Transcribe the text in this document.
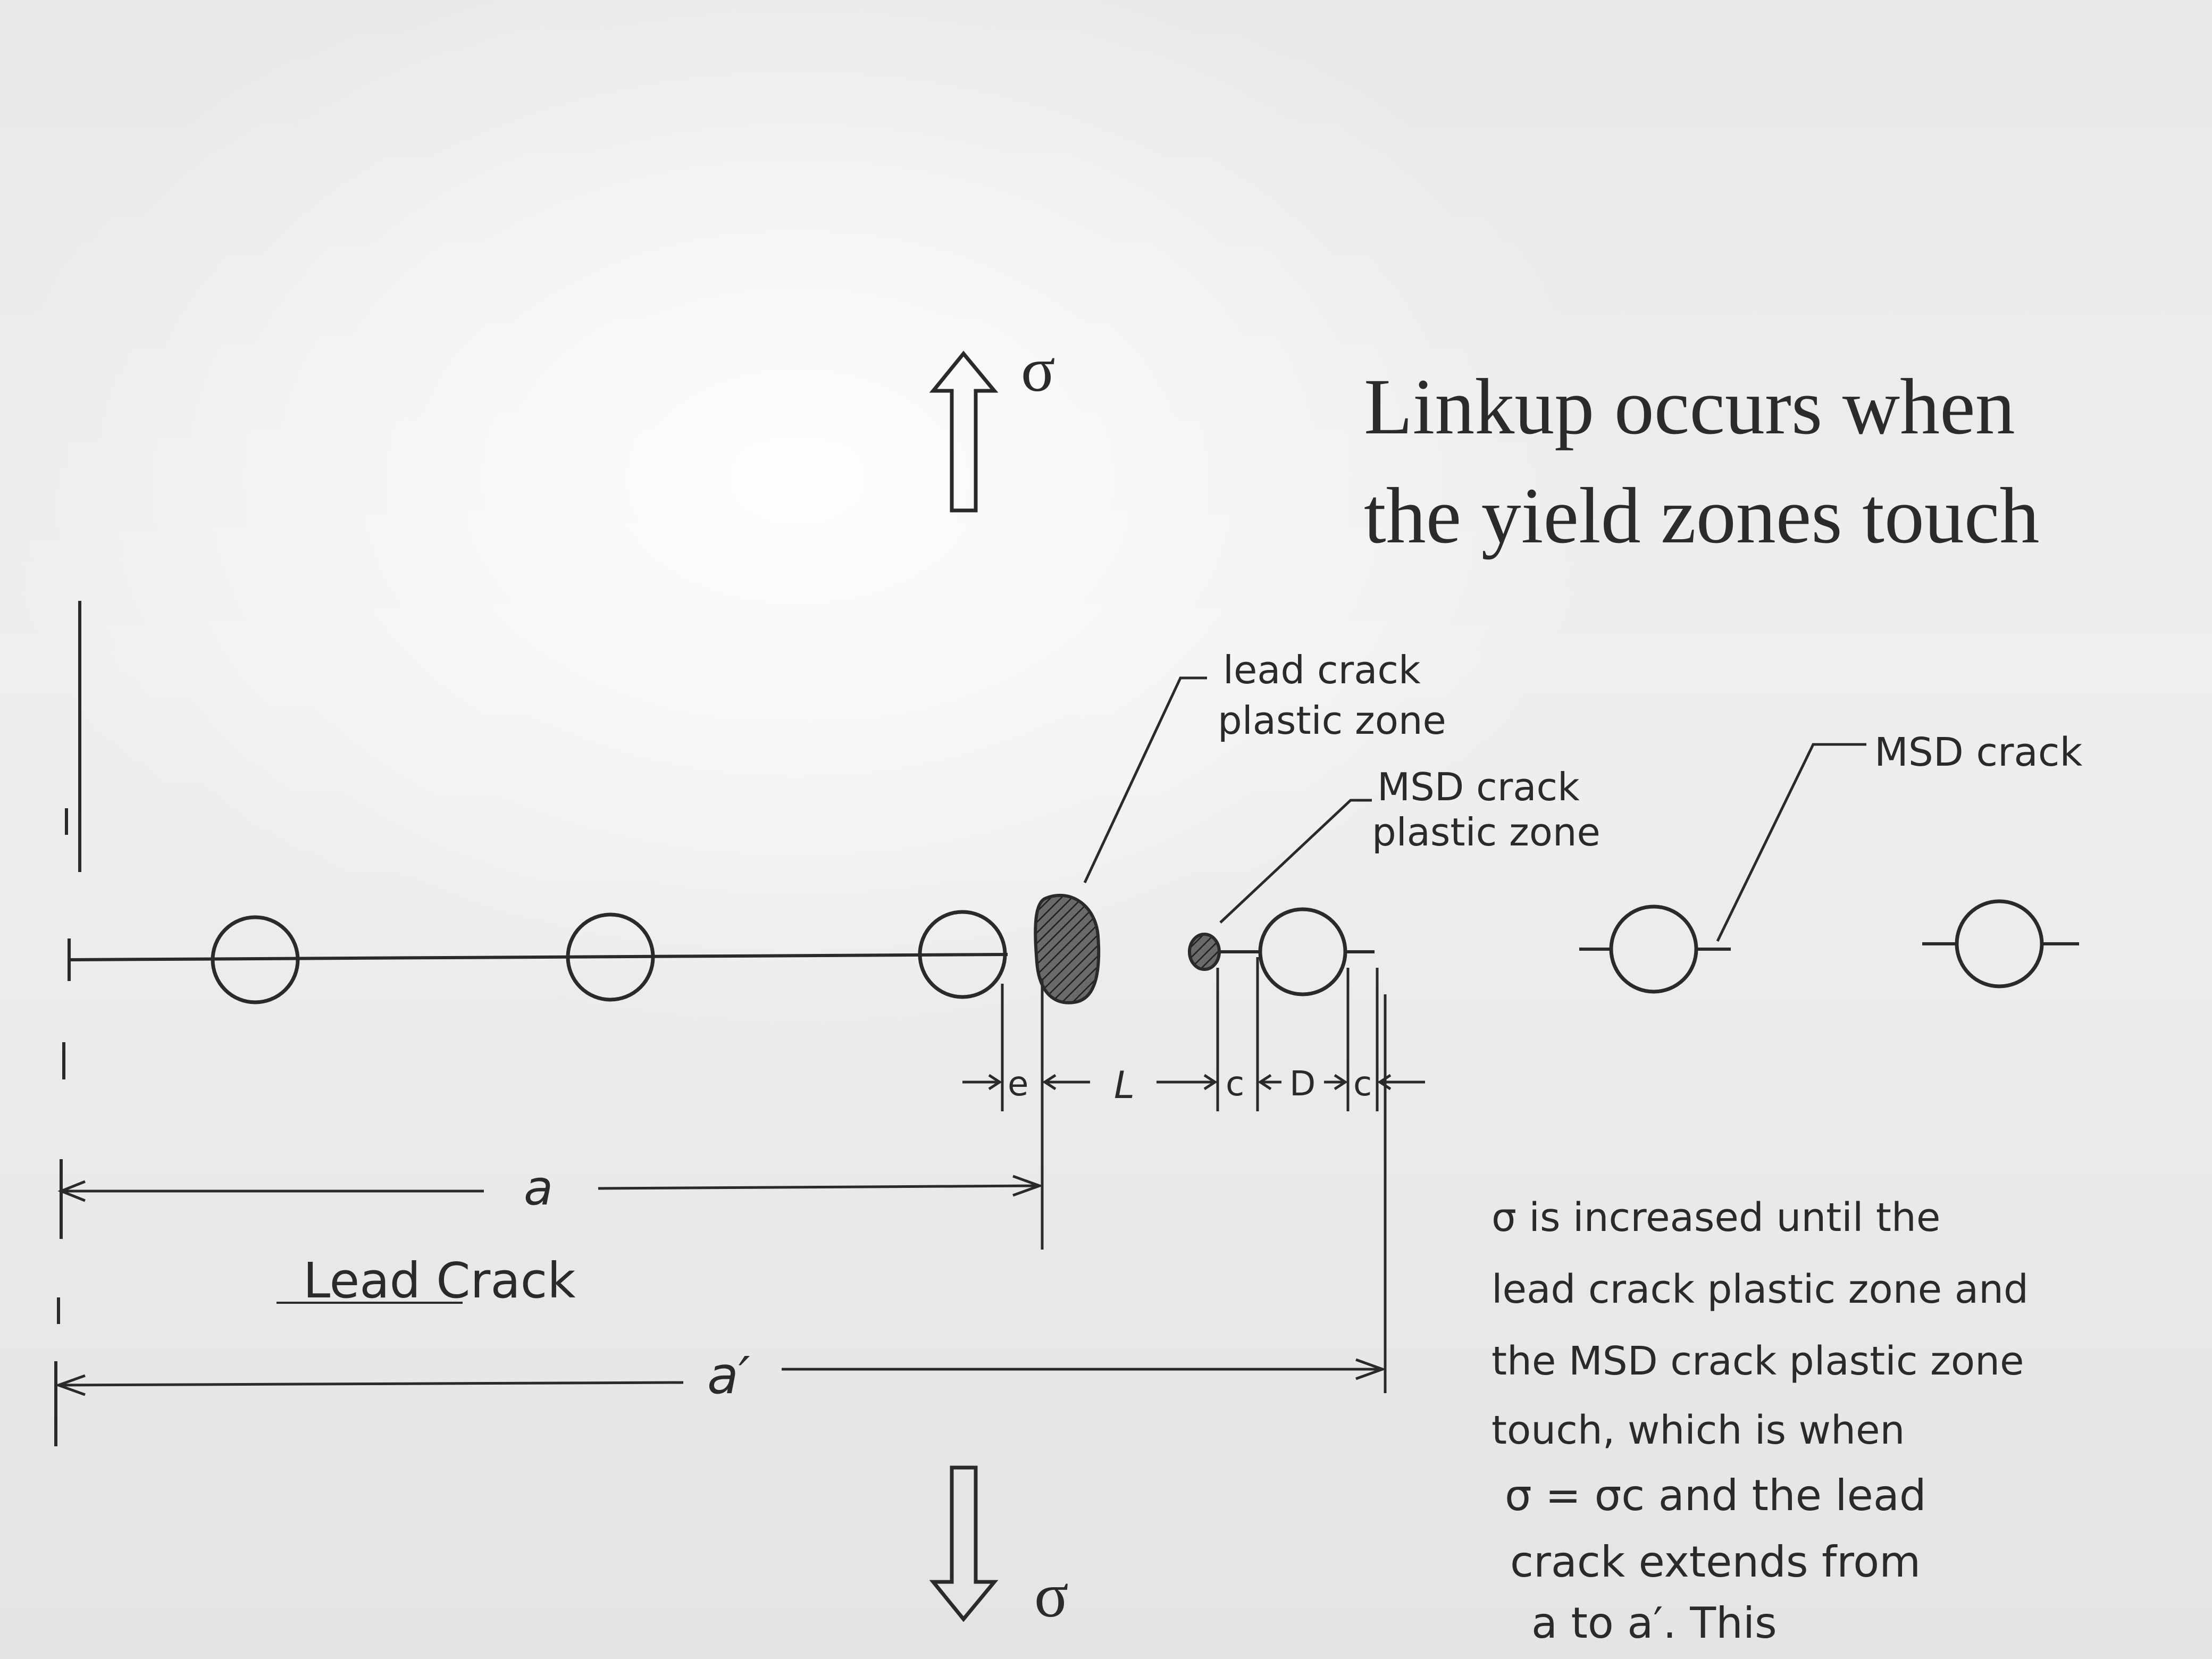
Linkup occurs when
the yield zones touch
σ
σ
lead crack
plastic zone
MSD crack
plastic zone
MSD crack
e L	c D c
a
Lead Crack
a′
σ is increased until the
lead crack plastic zone and
the MSD crack plastic zone
touch, which is when
σ = σc and the lead
crack extends from
a to a′. This
